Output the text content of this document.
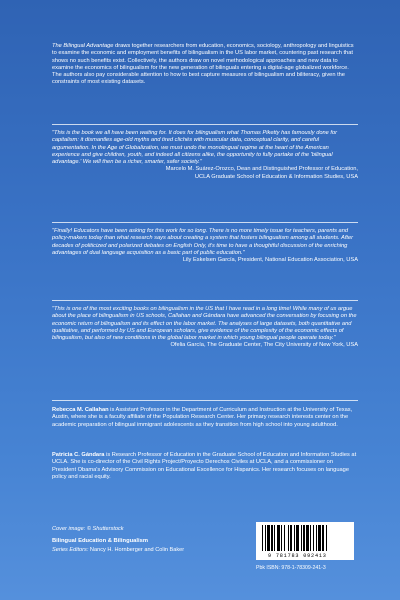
The Bilingual Advantage draws together researchers from education, economics, sociology, anthropology and linguistics to examine the economic and employment benefits of bilingualism in the US labor market, countering past research that shows no such benefits exist. Collectively, the authors draw on novel methodological approaches and new data to examine the economics of bilingualism for the new generation of bilinguals entering a digital-age globalized workforce. The authors also pay considerable attention to how to best capture measures of bilingualism and biliteracy, given the constraints of most existing datasets.
"This is the book we all have been waiting for. It does for bilingualism what Thomas Piketty has famously done for capitalism: it dismantles age-old myths and tired clichés with muscular data, conceptual clarity, and careful argumentation. In the Age of Globalization, we must undo the monolingual regime at the heart of the American experience and give children, youth, and indeed all citizens alike, the opportunity to fully partake of the 'bilingual advantage.' We will then be a richer, smarter, safer society."
Marcelo M. Suárez-Orozco, Dean and Distinguished Professor of Education,
UCLA Graduate School of Education & Information Studies, USA
"Finally! Educators have been asking for this work for so long. There is no more timely issue for teachers, parents and policy-makers today than what research says about creating a system that fosters bilingualism among all students. After decades of politicized and polarized debates on English Only, it's time to have a thoughtful discussion of the enriching advantages of dual language acquisition as a basic part of public education."
Lily Eskelsen García, President, National Education Association, USA
"This is one of the most exciting books on bilingualism in the US that I have read in a long time! While many of us argue about the place of bilingualism in US schools, Callahan and Gándara have advanced the conversation by focusing on the economic return of bilingualism and its effect on the labor market. The analyses of large datasets, both quantitative and qualitative, and performed by US and European scholars, give evidence of the complexity of the economic effects of bilingualism, but also of new conditions in the global labor market in which young bilingual people operate today."
Ofelia García, The Graduate Center, The City University of New York, USA
Rebecca M. Callahan is Assistant Professor in the Department of Curriculum and Instruction at the University of Texas, Austin, where she is a faculty affiliate of the Population Research Center. Her primary research interests center on the academic preparation of bilingual immigrant adolescents as they transition from high school into young adulthood.
Patricia C. Gándara is Research Professor of Education in the Graduate School of Education and Information Studies at UCLA. She is co-director of the Civil Rights Project/Proyecto Derechos Civiles at UCLA, and a commissioner on President Obama's Advisory Commission on Educational Excellence for Hispanics. Her research focuses on language policy and racial equity.
Cover image: © Shutterstock
Bilingual Education & Bilingualism
Series Editors: Nancy H. Hornberger and Colin Baker
9 781783 092413
Pbk ISBN: 978-1-78309-241-3
